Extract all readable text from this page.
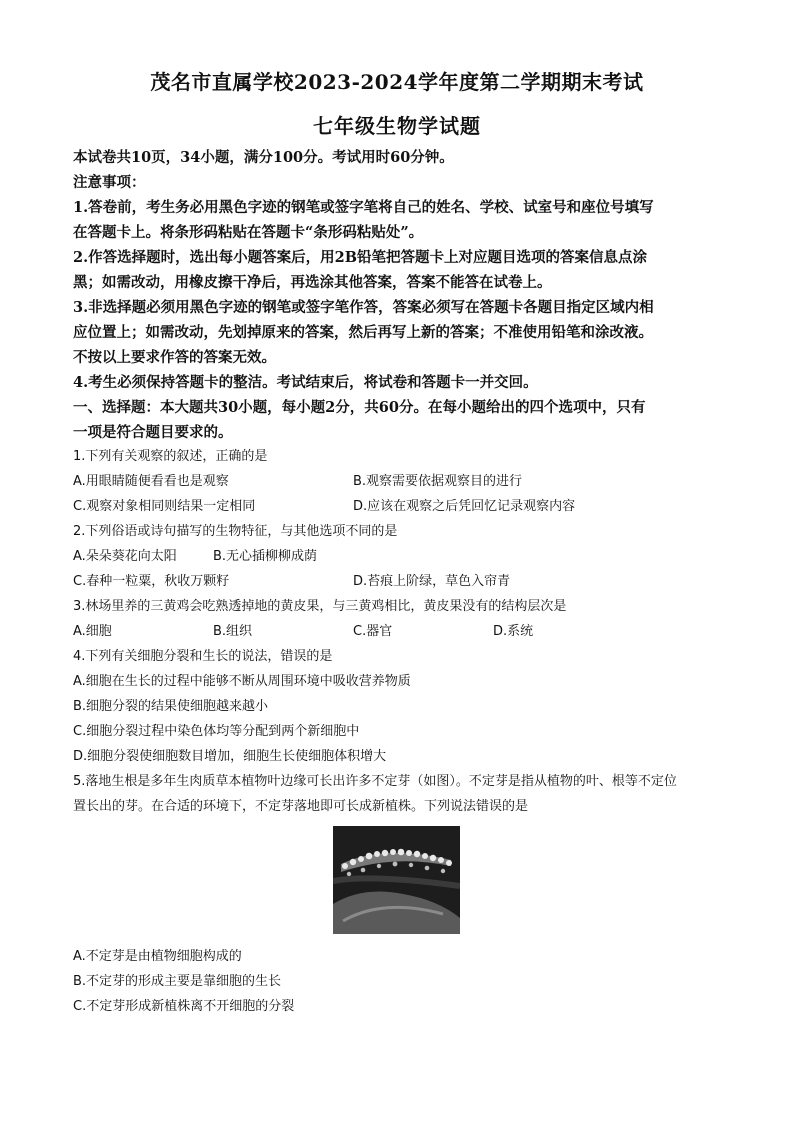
茂名市直属学校2023-2024学年度第二学期期末考试
七年级生物学试题
本试卷共10页，34小题，满分100分。考试用时60分钟。
注意事项：
1.答卷前，考生务必用黑色字迹的钢笔或签字笔将自己的姓名、学校、试室号和座位号填写
在答题卡上。将条形码粘贴在答题卡“条形码粘贴处”。
2.作答选择题时，选出每小题答案后，用2B铅笔把答题卡上对应题目选项的答案信息点涂
黑；如需改动，用橡皮擦干净后，再选涂其他答案，答案不能答在试卷上。
3.非选择题必须用黑色字迹的钢笔或签字笔作答，答案必须写在答题卡各题目指定区域内相
应位置上；如需改动，先划掉原来的答案，然后再写上新的答案；不准使用铅笔和涂改液。
不按以上要求作答的答案无效。
4.考生必须保持答题卡的整洁。考试结束后，将试卷和答题卡一并交回。
一、选择题：本大题共30小题，每小题2分，共60分。在每小题给出的四个选项中，只有
一项是符合题目要求的。
1.下列有关观察的叙述，正确的是
A.用眼睛随便看看也是观察	B.观察需要依据观察目的进行
C.观察对象相同则结果一定相同	D.应该在观察之后凭回忆记录观察内容
2.下列俗语或诗句描写的生物特征，与其他选项不同的是
A.朵朵葵花向太阳	B.无心插柳柳成荫
C.春种一粒粟，秋收万颗籽	D.苔痕上阶绿，草色入帘青
3.林场里养的三黄鸡会吃熟透掉地的黄皮果，与三黄鸡相比，黄皮果没有的结构层次是
A.细胞	B.组织	C.器官	D.系统
4.下列有关细胞分裂和生长的说法，错误的是
A.细胞在生长的过程中能够不断从周围环境中吸收营养物质
B.细胞分裂的结果使细胞越来越小
C.细胞分裂过程中染色体均等分配到两个新细胞中
D.细胞分裂使细胞数目增加，细胞生长使细胞体积增大
5.落地生根是多年生肉质草本植物叶边缘可长出许多不定芽（如图）。不定芽是指从植物的叶、根等不定位
置长出的芽。在合适的环境下，不定芽落地即可长成新植株。下列说法错误的是
A.不定芽是由植物细胞构成的
B.不定芽的形成主要是靠细胞的生长
C.不定芽形成新植株离不开细胞的分裂
